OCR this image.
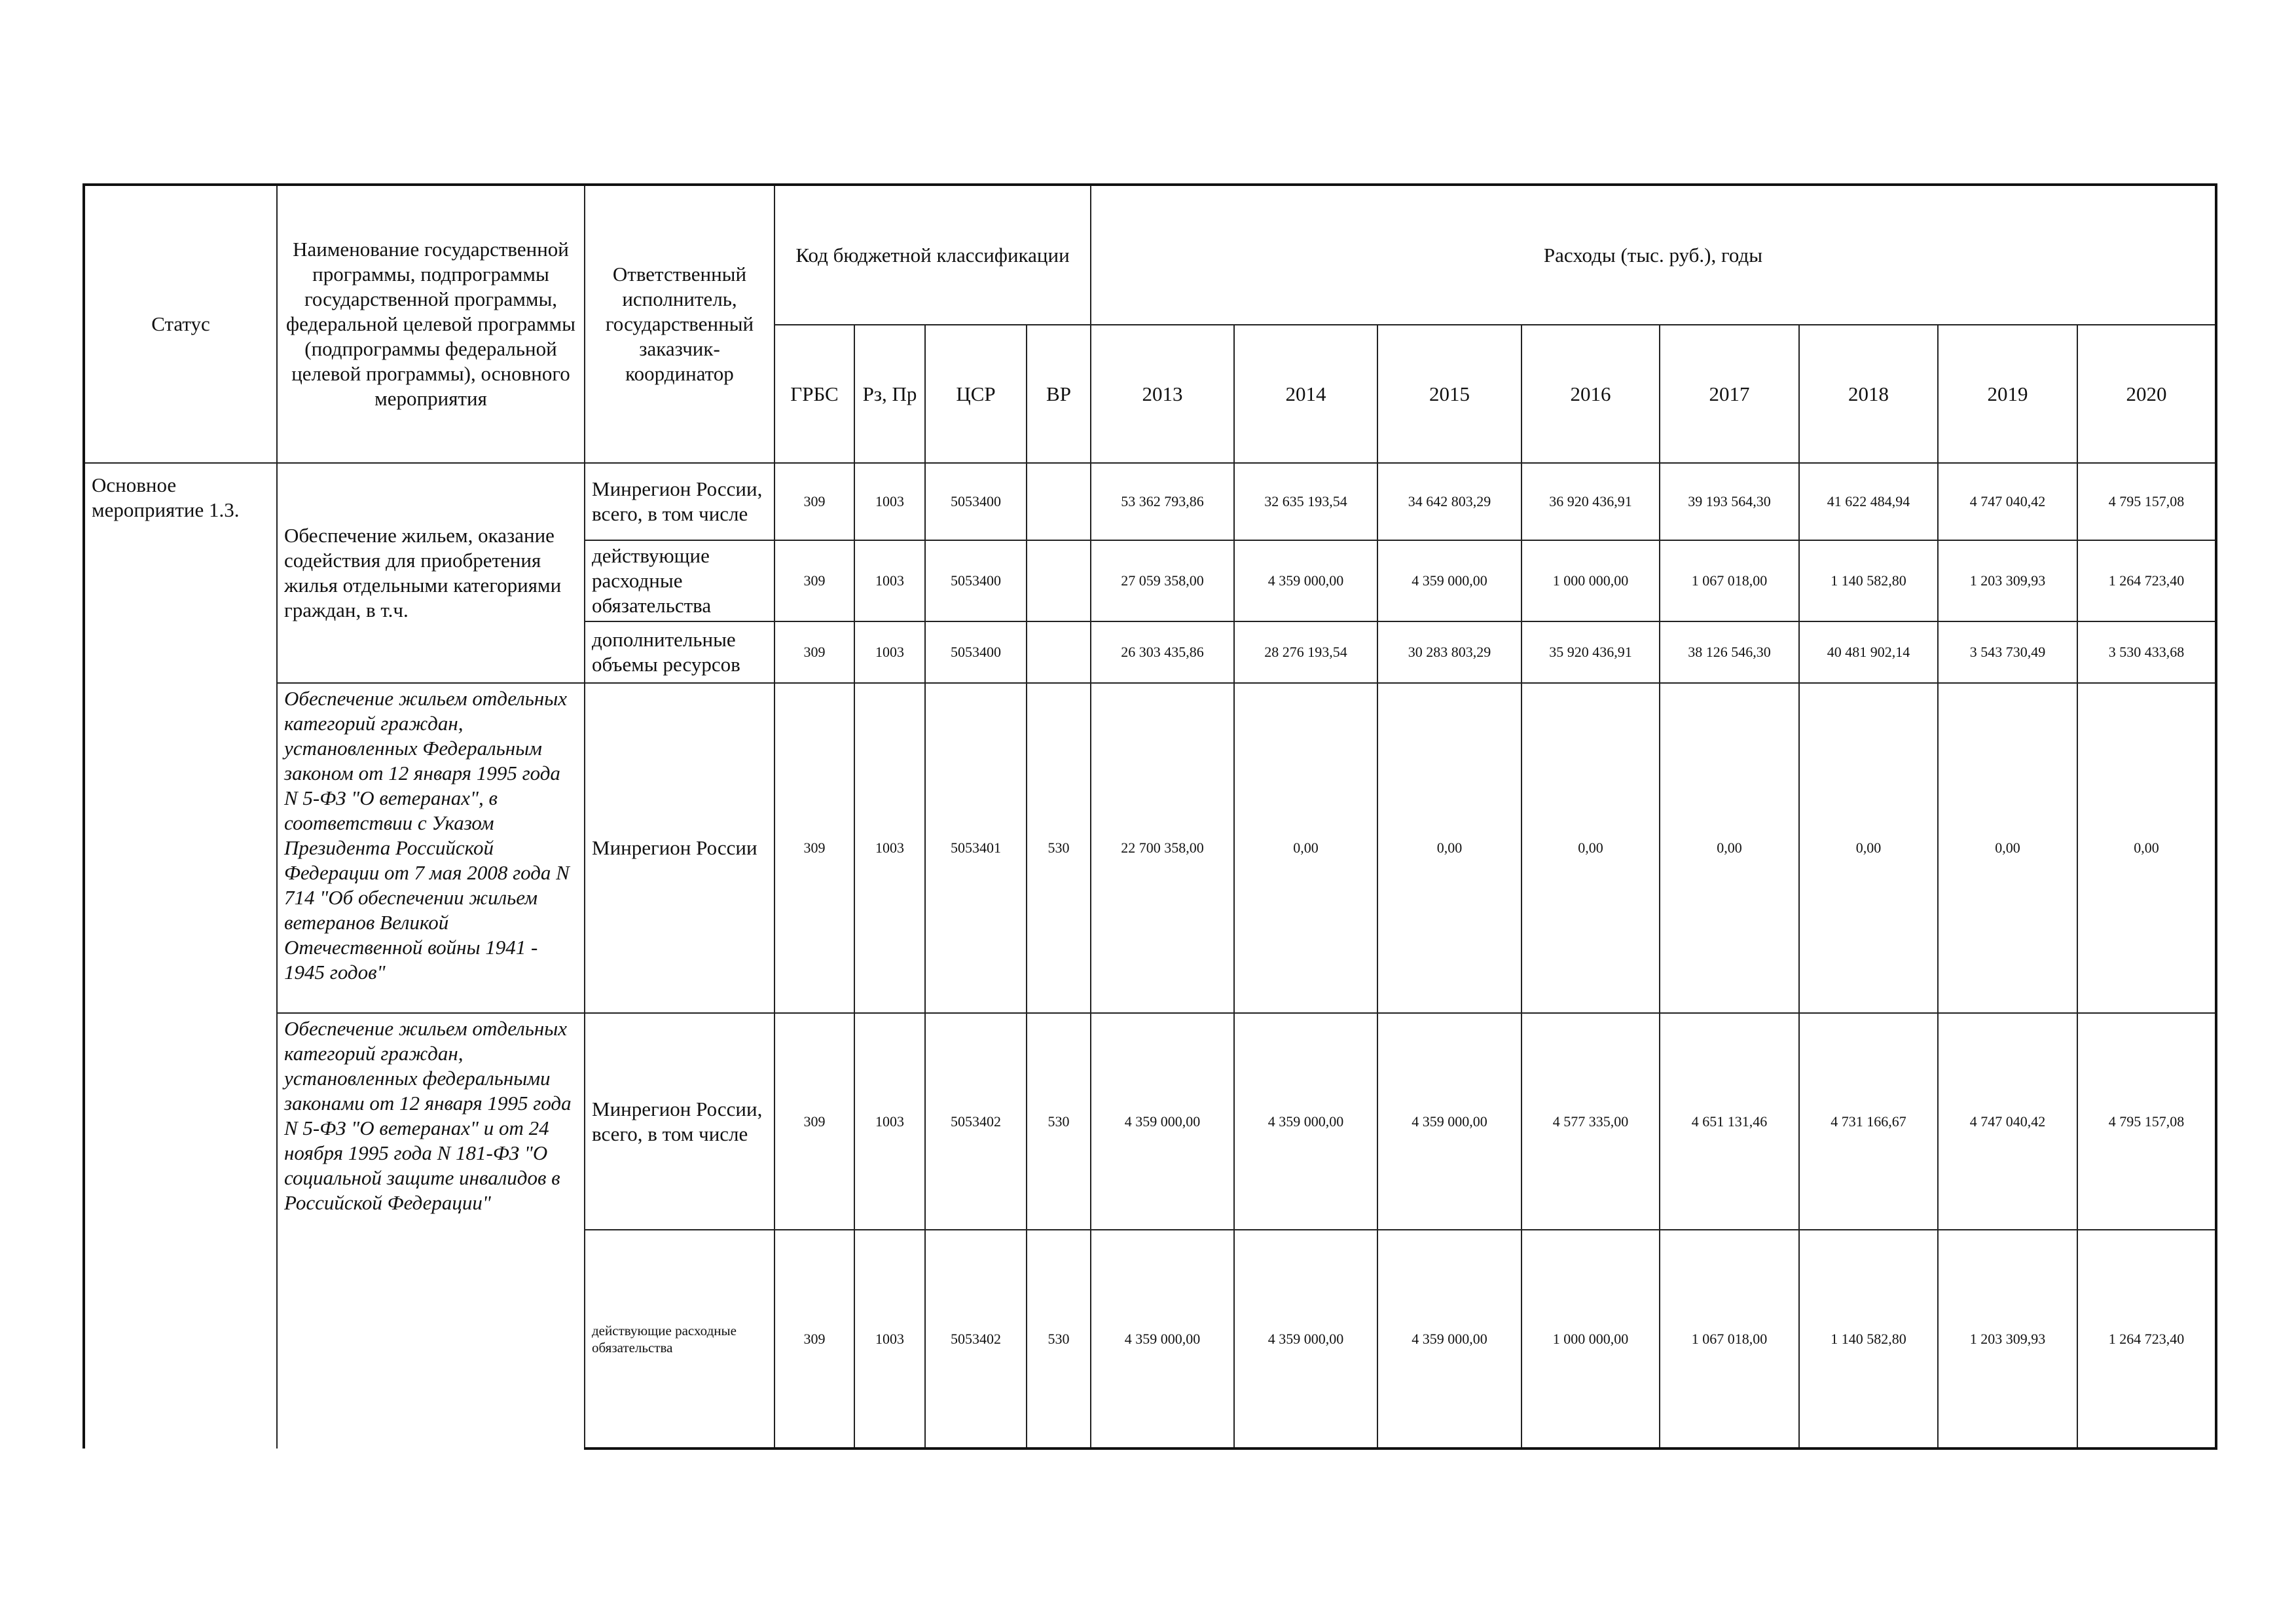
Статус	Наименование государственной программы, подпрограммы государственной программы, федеральной целевой программы (подпрограммы федеральной целевой программы), основного мероприятия	Ответственный исполнитель, государственный заказчик-координатор	Код бюджетной классификации				Расходы (тыс. руб.), годы							
			ГРБС	Рз, Пр	ЦСР	ВР	2013	2014	2015	2016	2017	2018	2019	2020
Основное мероприятие 1.3.	Обеспечение жильем, оказание содействия для приобретения жилья отдельными категориями граждан, в т.ч.	Минрегион России, всего, в том числе	309	1003	5053400		53 362 793,86	32 635 193,54	34 642 803,29	36 920 436,91	39 193 564,30	41 622 484,94	4 747 040,42	4 795 157,08
		действующие расходные обязательства	309	1003	5053400		27 059 358,00	4 359 000,00	4 359 000,00	1 000 000,00	1 067 018,00	1 140 582,80	1 203 309,93	1 264 723,40
		дополнительные объемы ресурсов	309	1003	5053400		26 303 435,86	28 276 193,54	30 283 803,29	35 920 436,91	38 126 546,30	40 481 902,14	3 543 730,49	3 530 433,68
	Обеспечение жильем отдельных категорий граждан, установленных Федеральным законом от 12 января 1995 года N 5-ФЗ "О ветеранах", в соответствии с Указом Президента Российской Федерации от 7 мая 2008 года N 714 "Об обеспечении жильем ветеранов Великой Отечественной войны 1941 - 1945 годов"	Минрегион России	309	1003	5053401	530	22 700 358,00	0,00	0,00	0,00	0,00	0,00	0,00	0,00
	Обеспечение жильем отдельных категорий граждан, установленных федеральными законами от 12 января 1995 года N 5-ФЗ "О ветеранах" и от 24 ноября 1995 года N 181-ФЗ "О социальной защите инвалидов в Российской Федерации"	Минрегион России, всего, в том числе	309	1003	5053402	530	4 359 000,00	4 359 000,00	4 359 000,00	4 577 335,00	4 651 131,46	4 731 166,67	4 747 040,42	4 795 157,08
		действующие расходные обязательства	309	1003	5053402	530	4 359 000,00	4 359 000,00	4 359 000,00	1 000 000,00	1 067 018,00	1 140 582,80	1 203 309,93	1 264 723,40
